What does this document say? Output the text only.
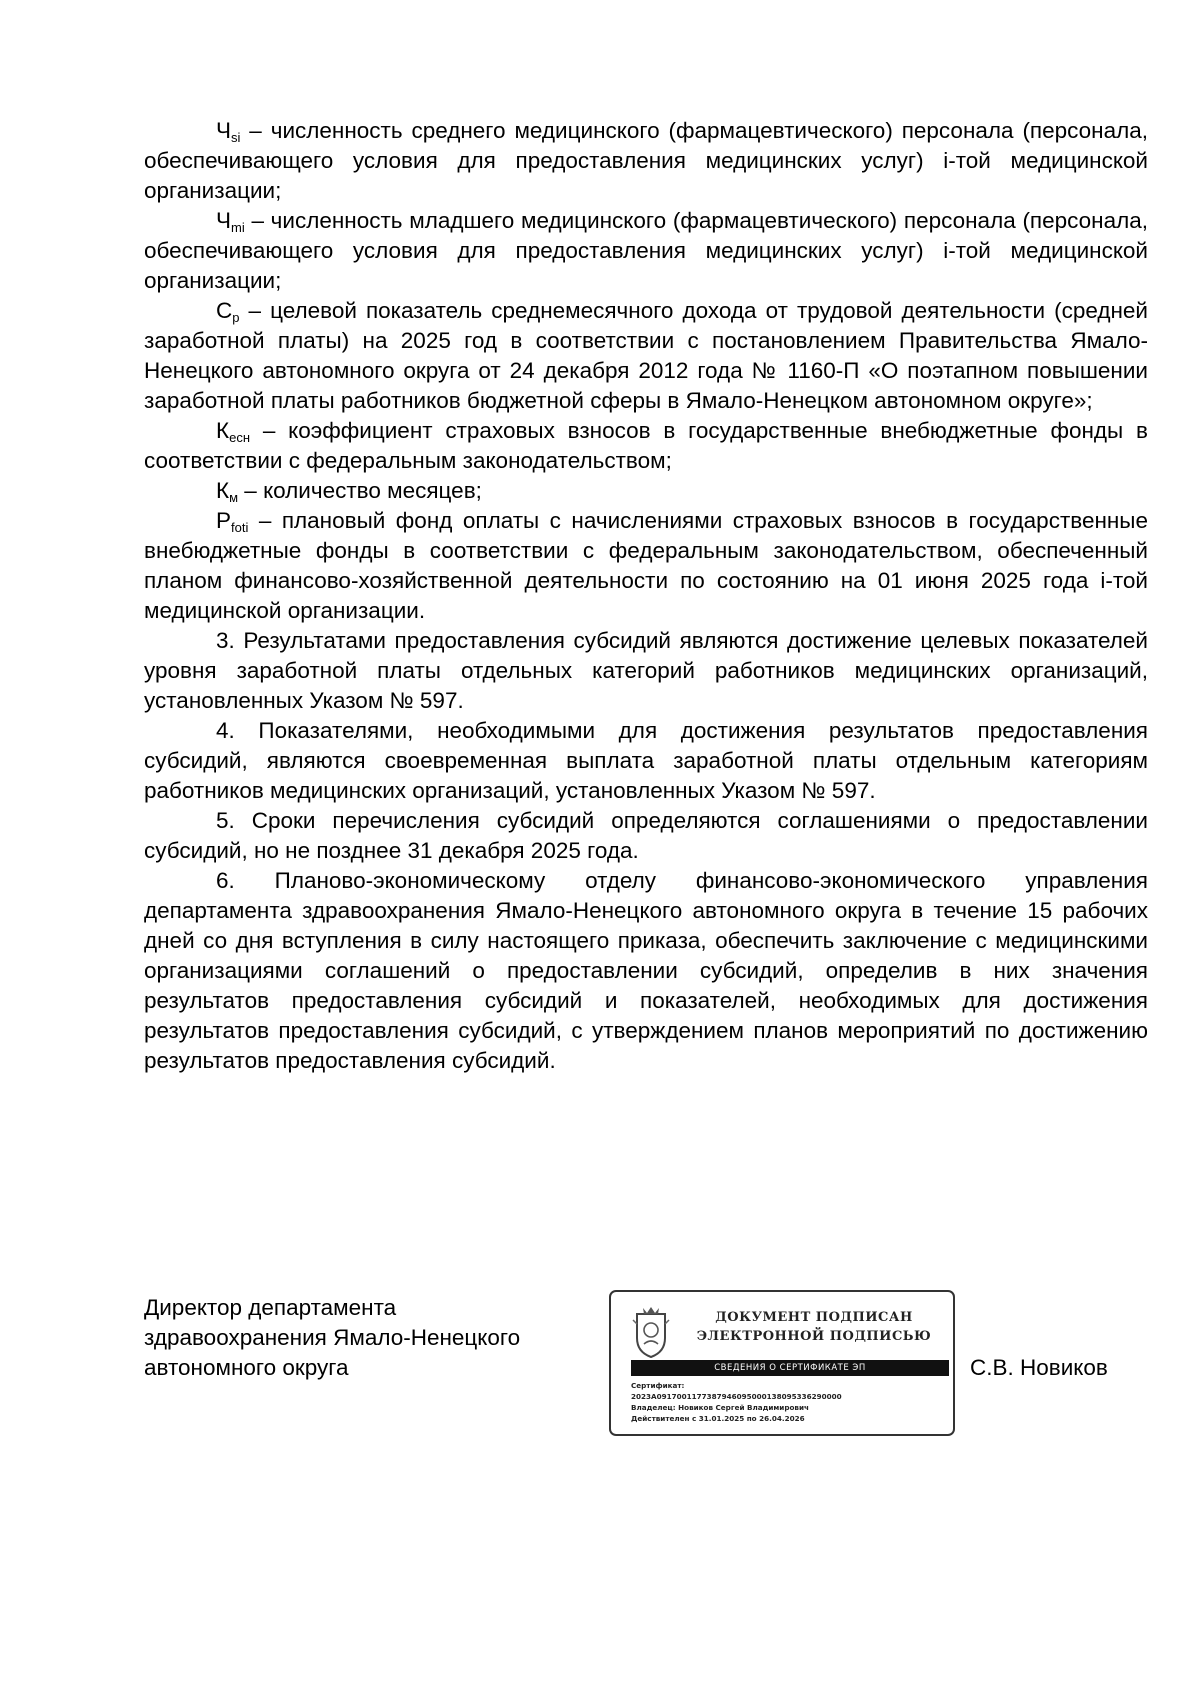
$Ч_{si}$ – численность среднего медицинского (фармацевтического) персонала (персонала, обеспечивающего условия для предоставления медицинских услуг) i-той медицинской организации;

$Ч_{mi}$ – численность младшего медицинского (фармацевтического) персонала (персонала, обеспечивающего условия для предоставления медицинских услуг) i-той медицинской организации;

$С_р$ – целевой показатель среднемесячного дохода от трудовой деятельности (средней заработной платы) на 2025 год в соответствии с постановлением Правительства Ямало-Ненецкого автономного округа от 24 декабря 2012 года № 1160-П «О поэтапном повышении заработной платы работников бюджетной сферы в Ямало-Ненецком автономном округе»;

$К_{есн}$ – коэффициент страховых взносов в государственные внебюджетные фонды в соответствии с федеральным законодательством;

$К_м$ – количество месяцев;

$Р_{foti}$ – плановый фонд оплаты с начислениями страховых взносов в государственные внебюджетные фонды в соответствии с федеральным законодательством, обеспеченный планом финансово-хозяйственной деятельности по состоянию на 01 июня 2025 года i-той медицинской организации.

3. Результатами предоставления субсидий являются достижение целевых показателей уровня заработной платы отдельных категорий работников медицинских организаций, установленных Указом № 597.

4. Показателями, необходимыми для достижения результатов предоставления субсидий, являются своевременная выплата заработной платы отдельным категориям работников медицинских организаций, установленных Указом № 597.

5. Сроки перечисления субсидий определяются соглашениями о предоставлении субсидий, но не позднее 31 декабря 2025 года.

6. Планово-экономическому отделу финансово-экономического управления департамента здравоохранения Ямало-Ненецкого автономного округа в течение 15 рабочих дней со дня вступления в силу настоящего приказа, обеспечить заключение с медицинскими организациями соглашений о предоставлении субсидий, определив в них значения результатов предоставления субсидий и показателей, необходимых для достижения результатов предоставления субсидий, с утверждением планов мероприятий по достижению результатов предоставления субсидий.

Директор департамента
здравоохранения Ямало-Ненецкого
автономного округа
ДОКУМЕНТ ПОДПИСАН
ЭЛЕКТРОННОЙ ПОДПИСЬЮ
СВЕДЕНИЯ О СЕРТИФИКАТЕ ЭП
Сертификат:
2023A0917001177387946095000138095336290000
Владелец: Новиков Сергей Владимирович
Действителен с 31.01.2025 по 26.04.2026
С.В. Новиков
